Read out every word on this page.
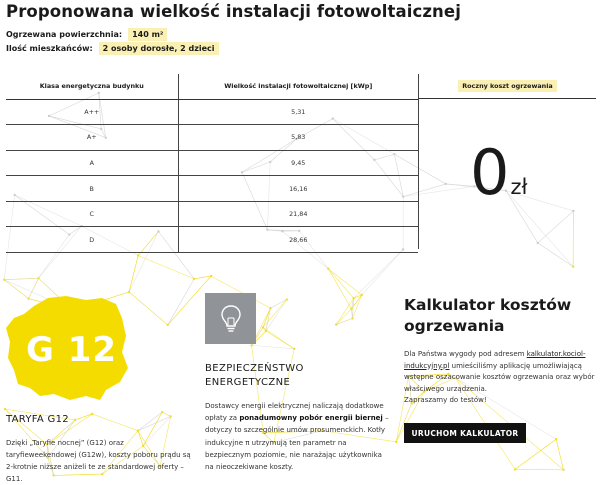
Proponowana wielkość instalacji fotowoltaicznej
Ogrzewana powierzchnia:	140 m²
Ilość mieszkańców:	2 osoby dorosłe, 2 dzieci
Klasa energetyczna budynku	Wielkość instalacji fotowoltaicznej [kWp]
A++	5,31
A+	5,83
A	9,45
B	16,16
C	21,84
D	28,66
Roczny koszt ogrzewania
0 zł
G 12
TARYFA G12
Dzięki „Taryfie nocnej” (G12) oraz taryfieweekendowej (G12w), koszty poboru prądu są 2-krotnie niższe aniżeli te ze standardowej oferty – G11.
BEZPIECZEŃSTWO
ENERGETYCZNE
Dostawcy energii elektrycznej naliczają dodatkowe opłaty za ponadumowny pobór energii biernej – dotyczy to szczególnie umów prosumenckich. Kotły indukcyjne π utrzymują ten parametr na bezpiecznym poziomie, nie narażając użytkownika na nieoczekiwane koszty.
Kalkulator kosztów ogrzewania
Dla Państwa wygody pod adresem kalkulator.kociol-indukcyjny.pl umieściliśmy aplikację umożliwiającą wstępne oszacowanie kosztów ogrzewania oraz wybór właściwego urządzenia.
Zapraszamy do testów!
URUCHOM KALKULATOR
